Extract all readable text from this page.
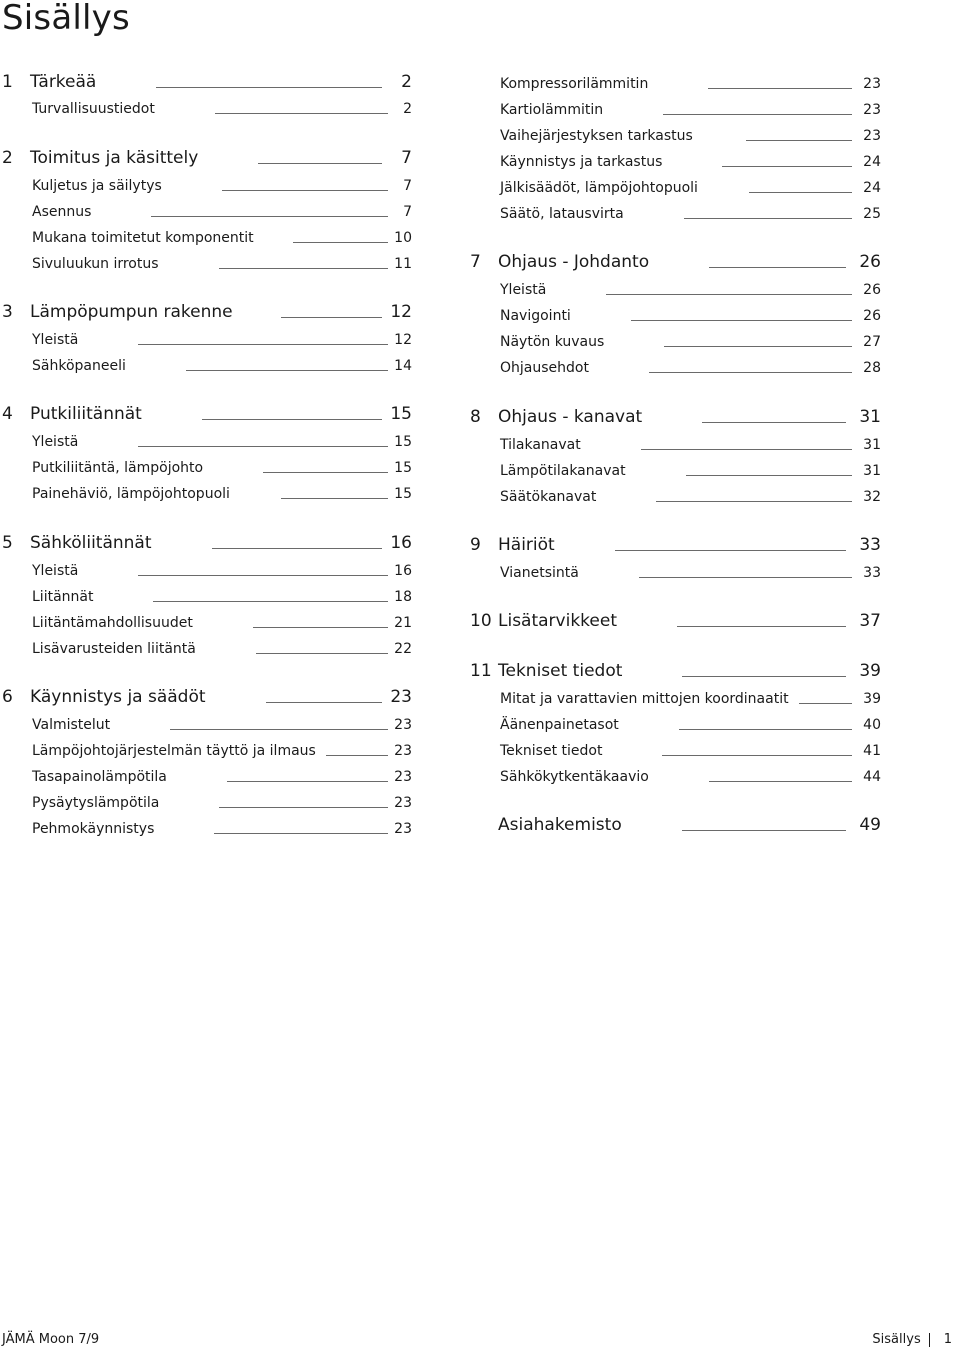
Sisällys
1 Tärkeää	2
Turvallisuustiedot	2
2 Toimitus ja käsittely	7
Kuljetus ja säilytys	7
Asennus	7
Mukana toimitetut komponentit	10
Sivuluukun irrotus	11
3 Lämpöpumpun rakenne	12
Yleistä	12
Sähköpaneeli	14
4 Putkiliitännät	15
Yleistä	15
Putkiliitäntä, lämpöjohto	15
Painehäviö, lämpöjohtopuoli	15
5 Sähköliitännät	16
Yleistä	16
Liitännät	18
Liitäntämahdollisuudet	21
Lisävarusteiden liitäntä	22
6 Käynnistys ja säädöt	23
Valmistelut	23
Lämpöjohtojärjestelmän täyttö ja ilmaus	23
Tasapainolämpötila	23
Pysäytyslämpötila	23
Pehmokäynnistys	23
Kompressorilämmitin	23
Kartiolämmitin	23
Vaihejärjestyksen tarkastus	23
Käynnistys ja tarkastus	24
Jälkisäädöt, lämpöjohtopuoli	24
Säätö, latausvirta	25
7 Ohjaus - Johdanto	26
Yleistä	26
Navigointi	26
Näytön kuvaus	27
Ohjausehdot	28
8 Ohjaus - kanavat	31
Tilakanavat	31
Lämpötilakanavat	31
Säätökanavat	32
9 Häiriöt	33
Vianetsintä	33
10 Lisätarvikkeet	37
11 Tekniset tiedot	39
Mitat ja varattavien mittojen koordinaatit	39
Äänenpainetasot	40
Tekniset tiedot	41
Sähkökytkentäkaavio	44
Asiahakemisto	49
JÄMÄ Moon 7/9	Sisällys 1
